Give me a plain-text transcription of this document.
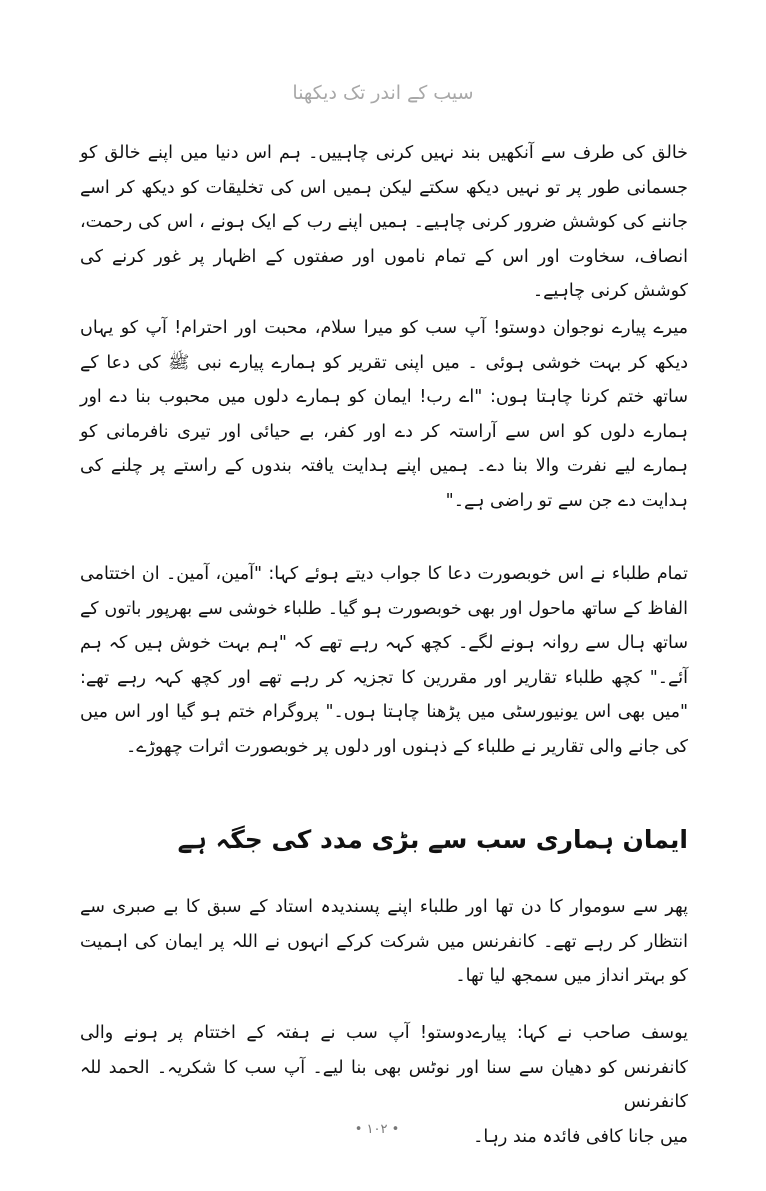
سیب کے اندر تک دیکھنا

خالق کی طرف سے آنکھیں بند نہیں کرنی چاہییں۔ ہم اس دنیا میں اپنے خالق کو جسمانی طور پر تو نہیں دیکھ سکتے لیکن ہمیں اس کی تخلیقات کو دیکھ کر اسے جاننے کی کوشش ضرور کرنی چاہیے۔ ہمیں اپنے رب کے ایک ہونے ، اس کی رحمت، انصاف، سخاوت اور اس کے تمام ناموں اور صفتوں کے اظہار پر غور کرنے کی کوشش کرنی چاہیے۔

میرے پیارے نوجوان دوستو! آپ سب کو میرا سلام، محبت اور احترام! آپ کو یہاں دیکھ کر بہت خوشی ہوئی ۔ میں اپنی تقریر کو ہمارے پیارے نبی ﷺ کی دعا کے ساتھ ختم کرنا چاہتا ہوں: "اے رب! ایمان کو ہمارے دلوں میں محبوب بنا دے اور ہمارے دلوں کو اس سے آراستہ کر دے اور کفر، بے حیائی اور تیری نافرمانی کو ہمارے لیے نفرت والا بنا دے۔ ہمیں اپنے ہدایت یافتہ بندوں کے راستے پر چلنے کی ہدایت دے جن سے تو راضی ہے۔"

تمام طلباء نے اس خوبصورت دعا کا جواب دیتے ہوئے کہا: "آمین، آمین۔ ان اختتامی الفاظ کے ساتھ ماحول اور بھی خوبصورت ہو گیا۔ طلباء خوشی سے بھرپور باتوں کے ساتھ ہال سے روانہ ہونے لگے۔ کچھ کہہ رہے تھے کہ "ہم بہت خوش ہیں کہ ہم آئے۔" کچھ طلباء تقاریر اور مقررین کا تجزیہ کر رہے تھے اور کچھ کہہ رہے تھے: "میں بھی اس یونیورسٹی میں پڑھنا چاہتا ہوں۔" پروگرام ختم ہو گیا اور اس میں کی جانے والی تقاریر نے طلباء کے ذہنوں اور دلوں پر خوبصورت اثرات چھوڑے۔

ایمان ہماری سب سے بڑی مدد کی جگہ ہے

پھر سے سوموار کا دن تھا اور طلباء اپنے پسندیدہ استاد کے سبق کا بے صبری سے انتظار کر رہے تھے۔ کانفرنس میں شرکت کرکے انہوں نے اللہ پر ایمان کی اہمیت کو بہتر انداز میں سمجھ لیا تھا۔

یوسف صاحب نے کہا: پیارےدوستو! آپ سب نے ہفتہ کے اختتام پر ہونے والی کانفرنس کو دھیان سے سنا اور نوٹس بھی بنا لیے۔ آپ سب کا شکریہ۔ الحمد للہ کانفرنس
میں جانا کافی فائدہ مند رہا۔

• ۱۰۲ •
